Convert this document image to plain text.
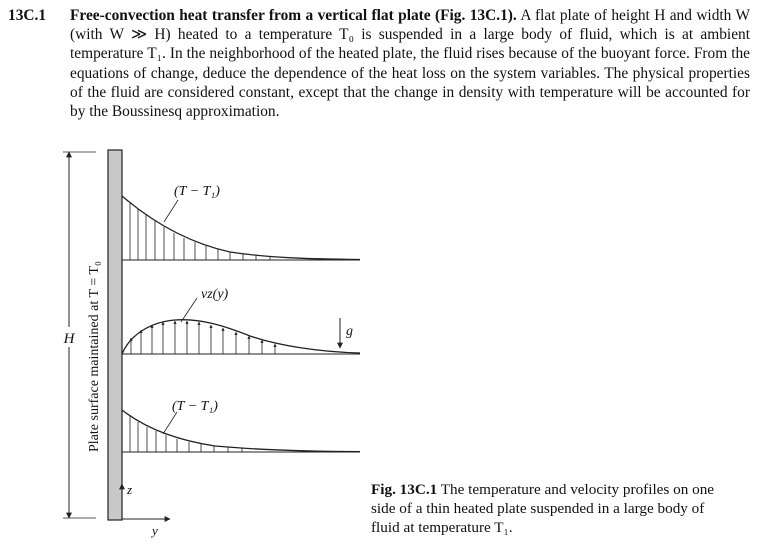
13C.1	Free-convection heat transfer from a vertical flat plate (Fig. 13C.1). A flat plate of height H and width W (with W ≫ H) heated to a temperature T₀ is suspended in a large body of fluid, which is at ambient temperature T₁. In the neighborhood of the heated plate, the fluid rises because of the buoyant force. From the equations of change, deduce the dependence of the heat loss on the system variables. The physical properties of the fluid are considered constant, except that the change in density with temperature will be accounted for by the Boussinesq approximation.
H Plate surface maintained at T = T₀
(T − T₁)
vz(y)
g
(T − T₁)
z
y
Fig. 13C.1 The temperature and velocity profiles on one side of a thin heated plate suspended in a large body of fluid at temperature T₁.
